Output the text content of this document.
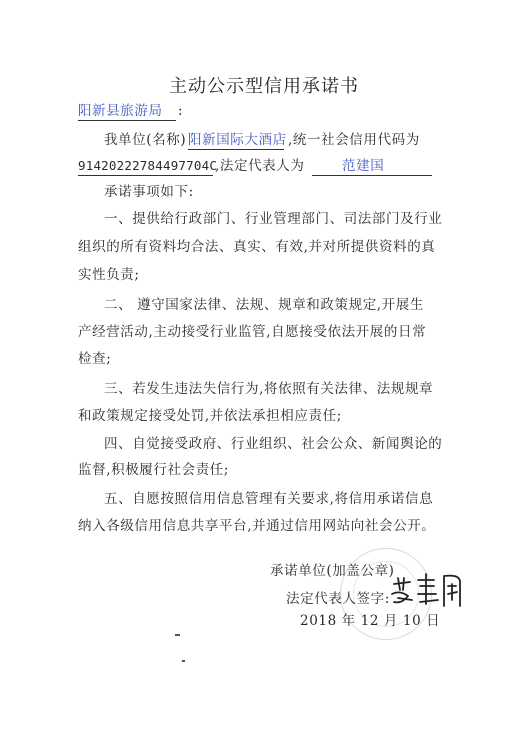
主动公示型信用承诺书
阳新县旅游局 :
我单位(名称) 阳新国际大酒店 ,统一社会信用代码为
91420222784497704C
,法定代表人为	范建国
承诺事项如下:
一、提供给行政部门、行业管理部门、司法部门及行业
组织的所有资料均合法、真实、有效,并对所提供资料的真
实性负责;
二、 遵守国家法律、法规、规章和政策规定,开展生
产经营活动,主动接受行业监管,自愿接受依法开展的日常
检查;
三、若发生违法失信行为,将依照有关法律、法规规章
和政策规定接受处罚,并依法承担相应责任;
四、自觉接受政府、行业组织、社会公众、新闻舆论的
监督,积极履行社会责任;
五、自愿按照信用信息管理有关要求,将信用承诺信息
纳入各级信用信息共享平台,并通过信用网站向社会公开。
承诺单位(加盖公章)
法定代表人签字:
2018 年 12 月 10 日
